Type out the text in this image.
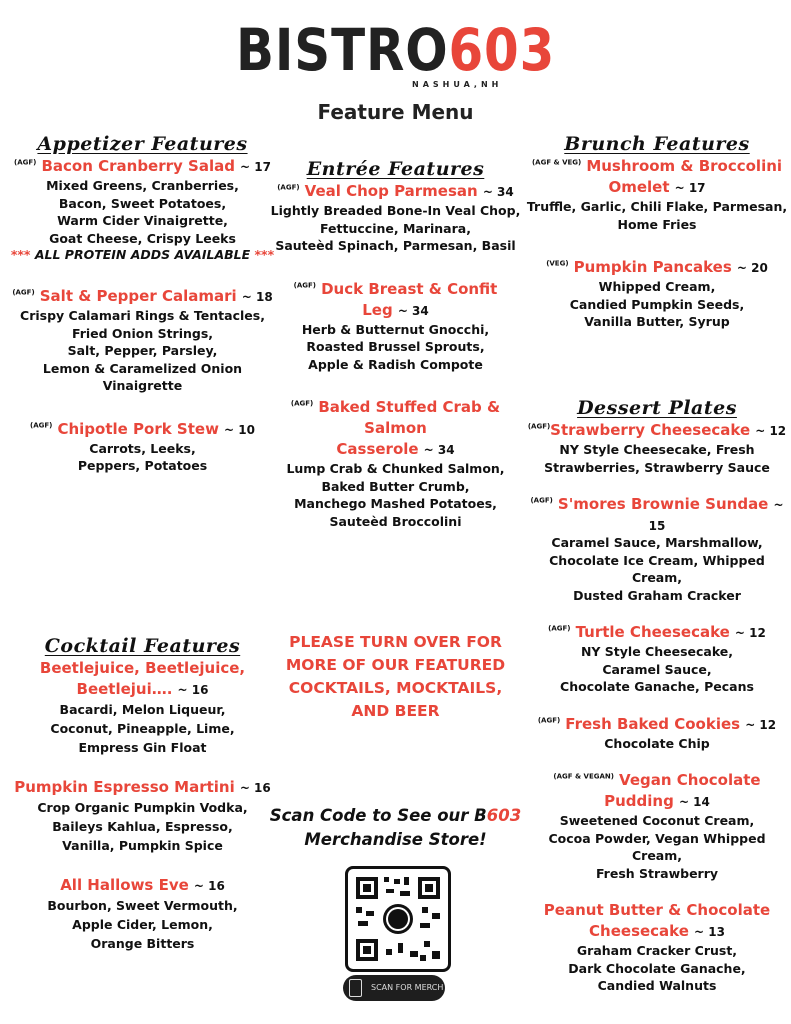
BISTRO603
NASHUA,NH
Feature Menu
Appetizer Features
$^{(AGF)}$ Bacon Cranberry Salad ~ 17
Mixed Greens, Cranberries,
Bacon, Sweet Potatoes,
Warm Cider Vinaigrette,
Goat Cheese, Crispy Leeks
*** ALL PROTEIN ADDS AVAILABLE ***
$^{(AGF)}$ Salt & Pepper Calamari ~ 18
Crispy Calamari Rings & Tentacles,
Fried Onion Strings,
Salt, Pepper, Parsley,
Lemon & Caramelized Onion Vinaigrette
$^{(AGF)}$ Chipotle Pork Stew ~ 10
Carrots, Leeks,
Peppers, Potatoes
Entrée Features
$^{(AGF)}$ Veal Chop Parmesan ~ 34
Lightly Breaded Bone-In Veal Chop,
Fettuccine, Marinara,
Sauteèd Spinach, Parmesan, Basil
$^{(AGF)}$ Duck Breast & Confit
Leg ~ 34
Herb & Butternut Gnocchi,
Roasted Brussel Sprouts,
Apple & Radish Compote
$^{(AGF)}$ Baked Stuffed Crab & Salmon
Casserole ~ 34
Lump Crab & Chunked Salmon,
Baked Butter Crumb,
Manchego Mashed Potatoes,
Sauteèd Broccolini
Brunch Features
$^{(AGF \& VEG)}$ Mushroom & Broccolini
Omelet ~ 17
Truffle, Garlic, Chili Flake, Parmesan,
Home Fries
$^{(VEG)}$ Pumpkin Pancakes ~ 20
Whipped Cream,
Candied Pumpkin Seeds,
Vanilla Butter, Syrup
Dessert Plates
$^{(AGF)}$Strawberry Cheesecake ~ 12
NY Style Cheesecake, Fresh
Strawberries, Strawberry Sauce
$^{(AGF)}$ S'mores Brownie Sundae ~ 15
Caramel Sauce, Marshmallow,
Chocolate Ice Cream, Whipped Cream,
Dusted Graham Cracker
$^{(AGF)}$ Turtle Cheesecake ~ 12
NY Style Cheesecake,
Caramel Sauce,
Chocolate Ganache, Pecans
$^{(AGF)}$ Fresh Baked Cookies ~ 12
Chocolate Chip
$^{(AGF \& VEGAN)}$ Vegan Chocolate
Pudding ~ 14
Sweetened Coconut Cream,
Cocoa Powder, Vegan Whipped Cream,
Fresh Strawberry
Peanut Butter & Chocolate
Cheesecake ~ 13
Graham Cracker Crust,
Dark Chocolate Ganache,
Candied Walnuts
Cocktail Features
Beetlejuice, Beetlejuice,
Beetlejui…. ~ 16
Bacardi, Melon Liqueur,
Coconut, Pineapple, Lime,
Empress Gin Float
Pumpkin Espresso Martini ~ 16
Crop Organic Pumpkin Vodka,
Baileys Kahlua, Espresso,
Vanilla, Pumpkin Spice
All Hallows Eve ~ 16
Bourbon, Sweet Vermouth,
Apple Cider, Lemon,
Orange Bitters
PLEASE TURN OVER FOR
MORE OF OUR FEATURED
COCKTAILS, MOCKTAILS,
AND BEER
Scan Code to See our B603
Merchandise Store!
SCAN FOR MERCH
